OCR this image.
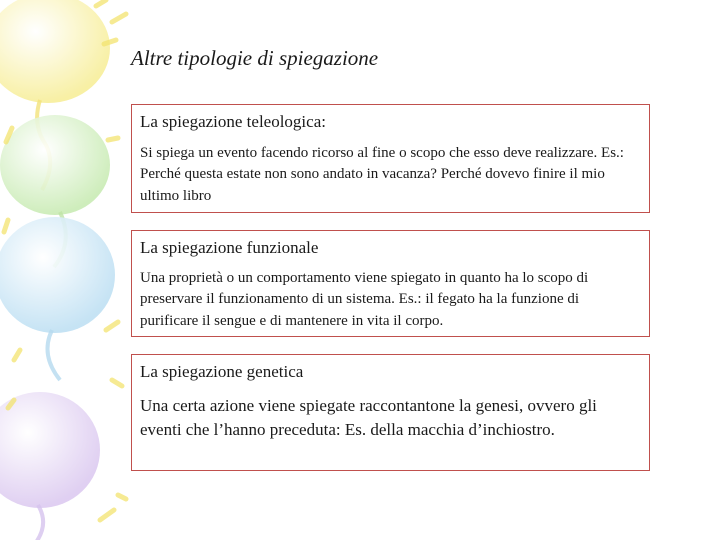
Altre tipologie di spiegazione
La spiegazione teleologica:

Si spiega un evento facendo ricorso al fine o scopo che esso deve realizzare. Es.: Perché questa estate non sono andato in vacanza? Perché dovevo finire il mio ultimo libro

La spiegazione funzionale

Una proprietà o un comportamento viene spiegato in quanto ha lo scopo di preservare il funzionamento di un sistema. Es.: il fegato ha la funzione di purificare il sengue e di mantenere in vita il corpo.

La spiegazione genetica

Una certa azione viene spiegate raccontantone la genesi, ovvero gli eventi che l’hanno preceduta: Es. della macchia d’inchiostro.
